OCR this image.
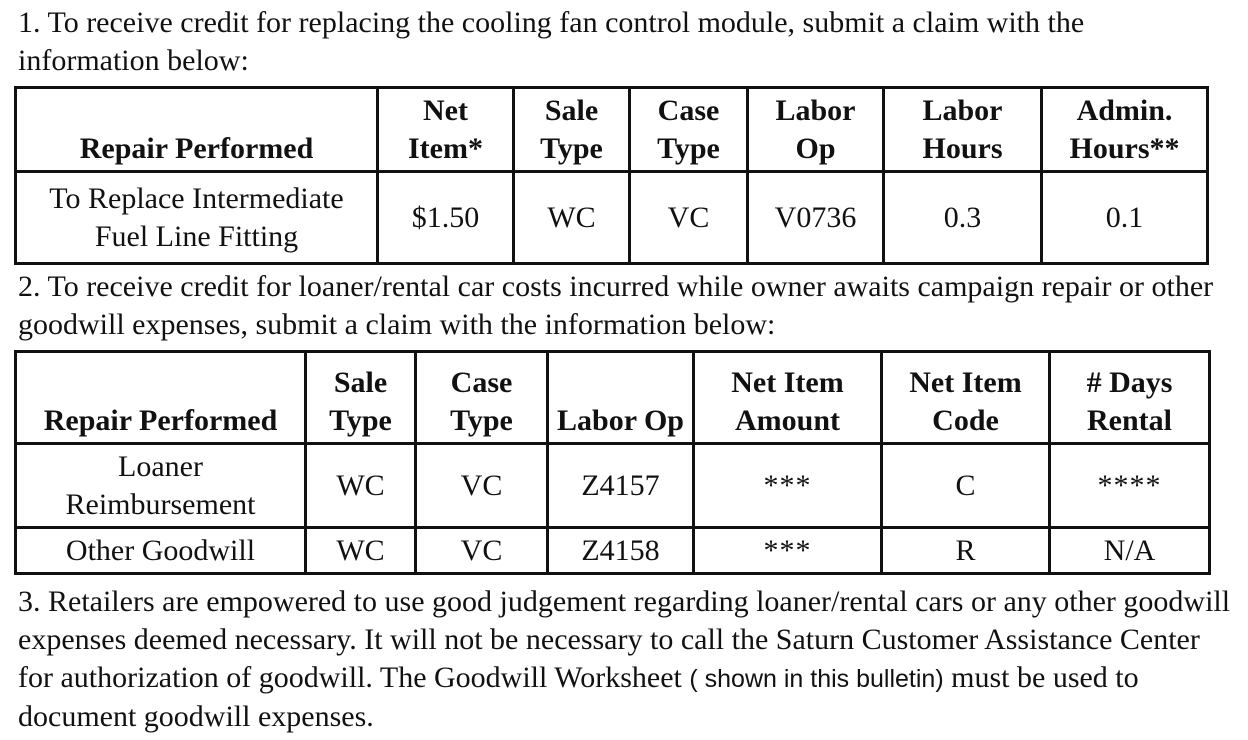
1. To receive credit for replacing the cooling fan control module, submit a claim with the information below:

Repair Performed	Net Item*	Sale Type	Case Type	Labor Op	Labor Hours	Admin. Hours**
To Replace Intermediate Fuel Line Fitting	$1.50	WC	VC	V0736	0.3	0.1

2. To receive credit for loaner/rental car costs incurred while owner awaits campaign repair or other goodwill expenses, submit a claim with the information below:

Repair Performed	Sale Type	Case Type	Labor Op	Net Item Amount	Net Item Code	# Days Rental
Loaner Reimbursement	WC	VC	Z4157	***	C	****
Other Goodwill	WC	VC	Z4158	***	R	N/A

3. Retailers are empowered to use good judgement regarding loaner/rental cars or any other goodwill expenses deemed necessary. It will not be necessary to call the Saturn Customer Assistance Center for authorization of goodwill. The Goodwill Worksheet ( shown in this bulletin) must be used to document goodwill expenses.
